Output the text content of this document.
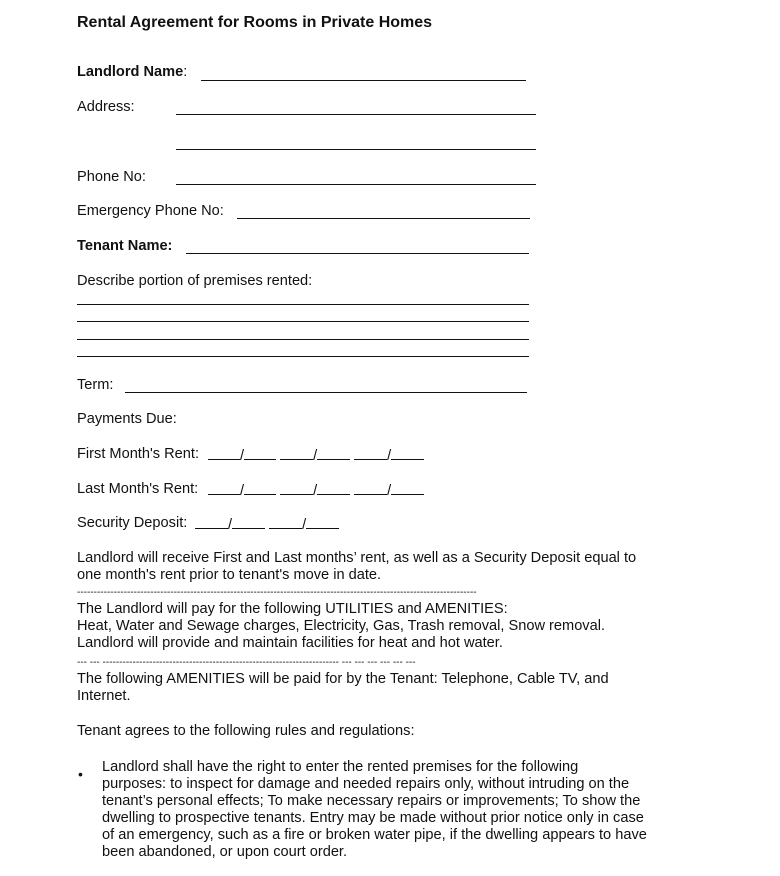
Rental Agreement for Rooms in Private Homes
Landlord Name:
Address:
Phone No:
Emergency Phone No:
Tenant Name:
Describe portion of premises rented:
Term:
Payments Due:
First Month's Rent:	/	/	/
Last Month's Rent:	/	/	/
Security Deposit:	/	/
Landlord will receive First and Last months’ rent, as well as a Security Deposit equal to
one month's rent prior to tenant's move in date.
------------------------------------------------------------------------------------------------------------------------
The Landlord will pay for the following UTILITIES and AMENITIES:
Heat, Water and Sewage charges, Electricity, Gas, Trash removal, Snow removal.
Landlord will provide and maintain facilities for heat and hot water.
--- --- ----------------------------------------------------------------------- --- --- --- --- --- ---
The following AMENITIES will be paid for by the Tenant: Telephone, Cable TV, and
Internet.
Tenant agrees to the following rules and regulations:
• Landlord shall have the right to enter the rented premises for the following
purposes: to inspect for damage and needed repairs only, without intruding on the
tenant’s personal effects; To make necessary repairs or improvements; To show the
dwelling to prospective tenants. Entry may be made without prior notice only in case
of an emergency, such as a fire or broken water pipe, if the dwelling appears to have
been abandoned, or upon court order.
